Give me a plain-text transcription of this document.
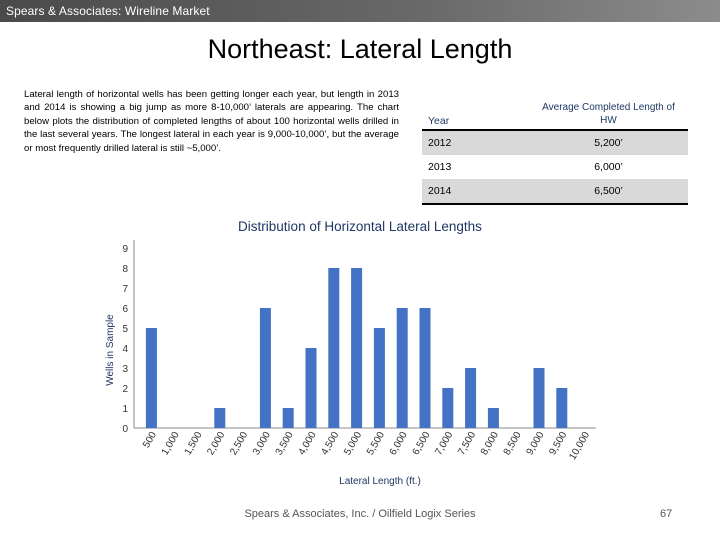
Spears & Associates: Wireline Market
Northeast: Lateral Length
Lateral length of horizontal wells has been getting longer each year, but length in 2013 and 2014 is showing a big jump as more 8-10,000’ laterals are appearing. The chart below plots the distribution of completed lengths of about 100 horizontal wells drilled in the last several years. The longest lateral in each year is 9,000-10,000’, but the average or most frequently drilled lateral is still ~5,000’.
Year	Average Completed Length of HW
2012	5,200’
2013	6,000’
2014	6,500’
Distribution of Horizontal Lateral Lengths
0
1
2
3
4
5
6
7
8
9
500 1,000 1,500 2,000 2,500 3,000 3,500 4,000 4,500 5,000 5,500 6,000 6,500 7,000 7,500 8,000 8,500 9,000 9,500
10,000
Wells in Sample
Lateral Length (ft.)
Spears & Associates, Inc. / Oilfield Logix Series	67
